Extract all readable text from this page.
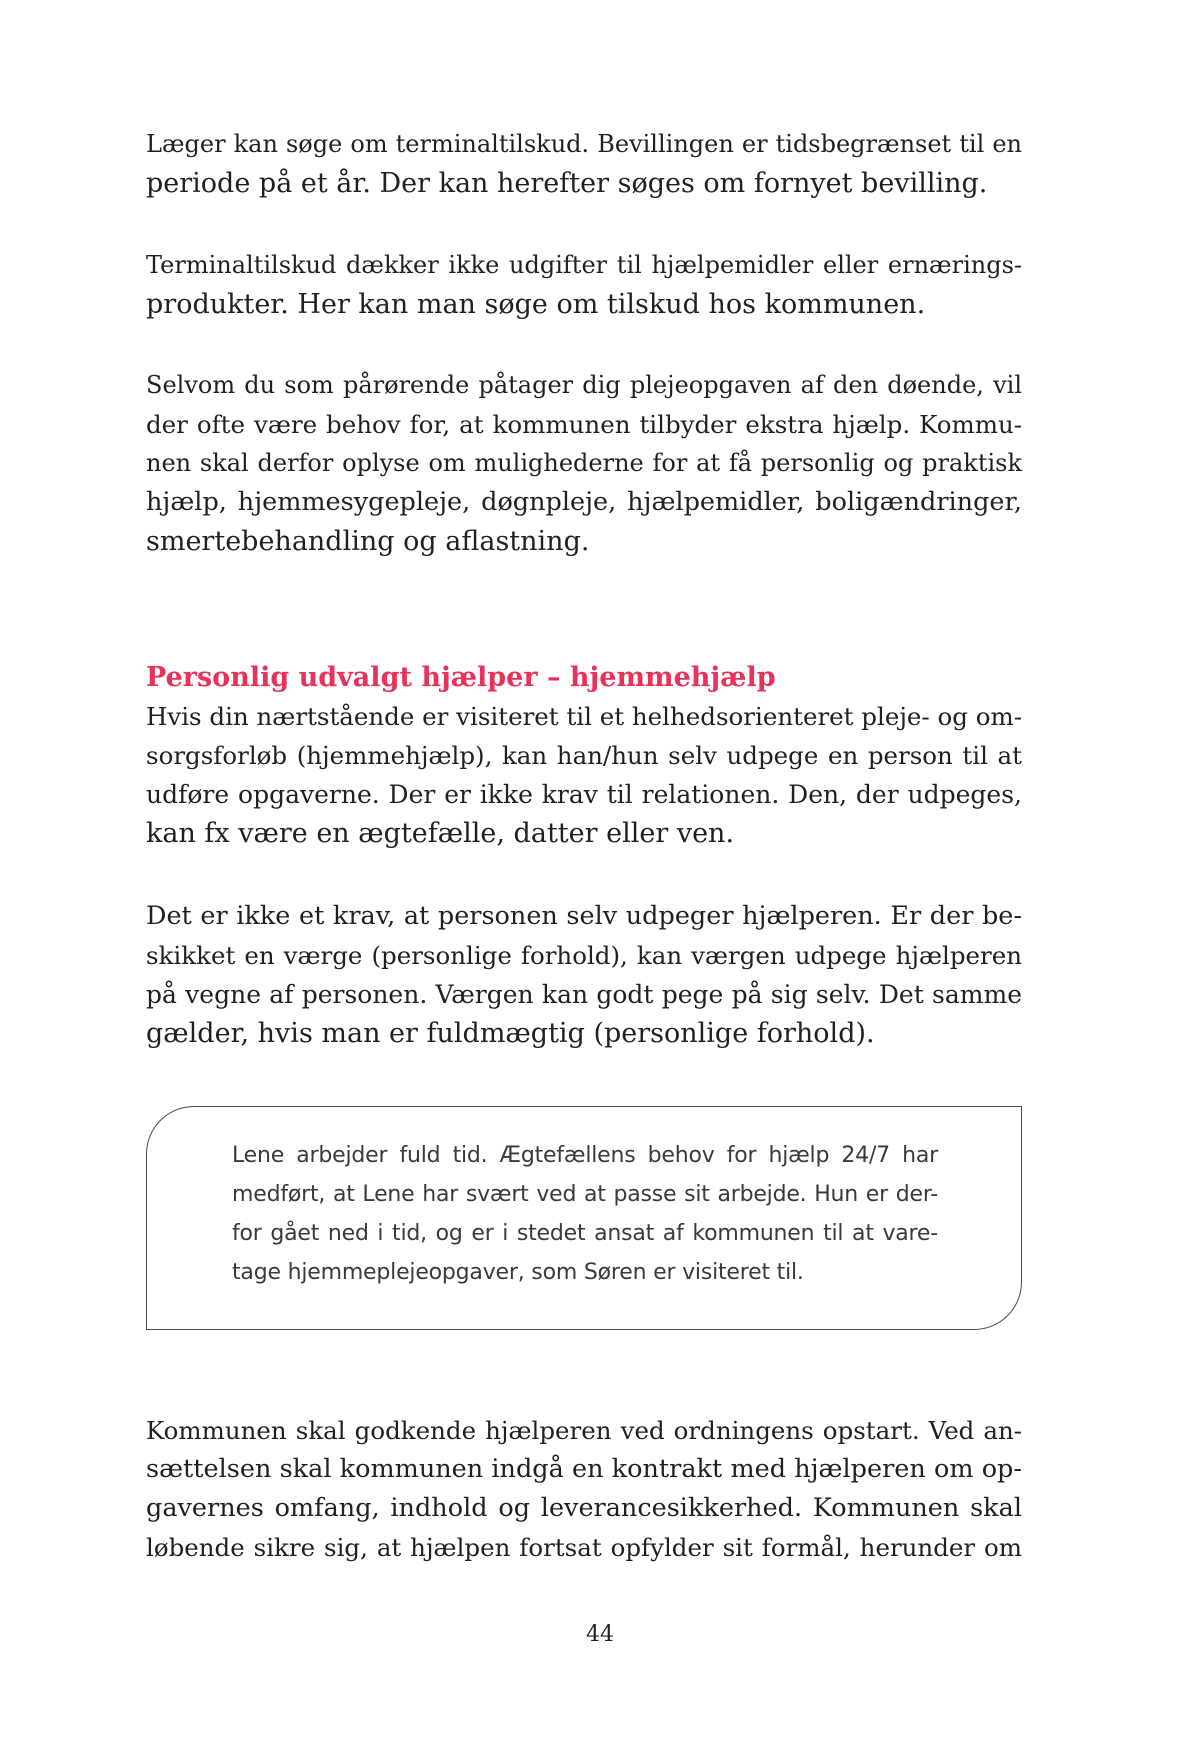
Læger kan søge om terminaltilskud. Bevillingen er tidsbegrænset til en
periode på et år. Der kan herefter søges om fornyet bevilling.
Terminaltilskud dækker ikke udgifter til hjælpemidler eller ernærings-
produkter. Her kan man søge om tilskud hos kommunen.
Selvom du som pårørende påtager dig plejeopgaven af den døende, vil
der ofte være behov for, at kommunen tilbyder ekstra hjælp. Kommu-
nen skal derfor oplyse om mulighederne for at få personlig og praktisk
hjælp, hjemmesygepleje, døgnpleje, hjælpemidler, boligændringer,
smertebehandling og aflastning.
Personlig udvalgt hjælper – hjemmehjælp
Hvis din nærtstående er visiteret til et helhedsorienteret pleje- og om-
sorgsforløb (hjemmehjælp), kan han/hun selv udpege en person til at
udføre opgaverne. Der er ikke krav til relationen. Den, der udpeges,
kan fx være en ægtefælle, datter eller ven.
Det er ikke et krav, at personen selv udpeger hjælperen. Er der be-
skikket en værge (personlige forhold), kan værgen udpege hjælperen
på vegne af personen. Værgen kan godt pege på sig selv. Det samme
gælder, hvis man er fuldmægtig (personlige forhold).
Lene arbejder fuld tid. Ægtefællens behov for hjælp 24/7 har
medført, at Lene har svært ved at passe sit arbejde. Hun er der-
for gået ned i tid, og er i stedet ansat af kommunen til at vare-
tage hjemmeplejeopgaver, som Søren er visiteret til.
Kommunen skal godkende hjælperen ved ordningens opstart. Ved an-
sættelsen skal kommunen indgå en kontrakt med hjælperen om op-
gavernes omfang, indhold og leverancesikkerhed. Kommunen skal
løbende sikre sig, at hjælpen fortsat opfylder sit formål, herunder om
44
